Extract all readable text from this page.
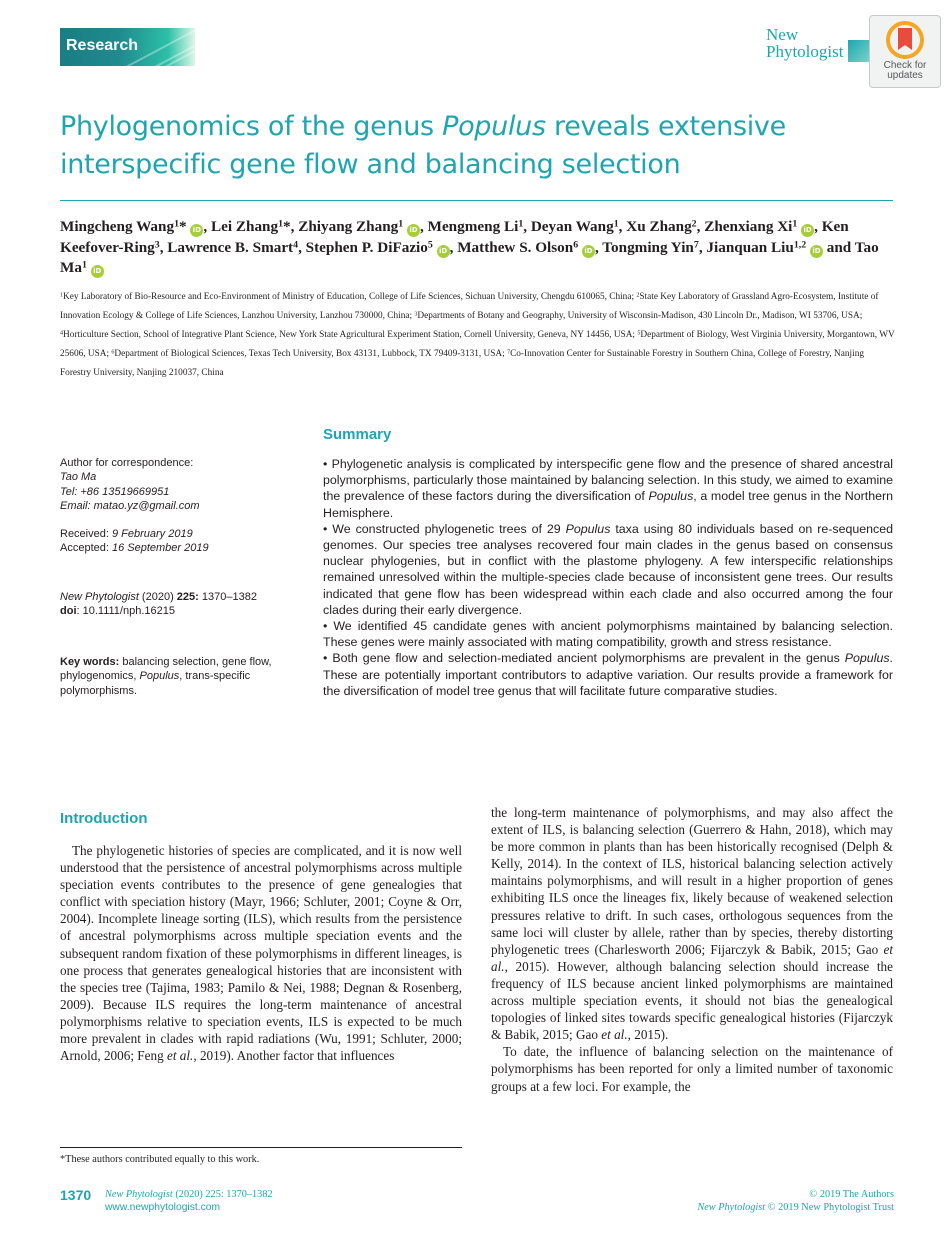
Research
New
Phytologist
Check for
updates
Phylogenomics of the genus Populus reveals extensive interspecific gene flow and balancing selection
Mingcheng Wang$^1$* iD , Lei Zhang$^1$*, Zhiyang Zhang$^1$ iD , Mengmeng Li$^1$, Deyan Wang$^1$, Xu Zhang$^2$, Zhenxiang Xi$^1$ iD , Ken Keefover-Ring$^3$, Lawrence B. Smart$^4$, Stephen P. DiFazio$^5$ iD , Matthew S. Olson$^6$ iD , Tongming Yin$^7$, Jianquan Liu$^{1,2}$ iD and Tao Ma$^1$ iD
$^1$Key Laboratory of Bio-Resource and Eco-Environment of Ministry of Education, College of Life Sciences, Sichuan University, Chengdu 610065, China; $^2$State Key Laboratory of Grassland Agro-Ecosystem, Institute of Innovation Ecology & College of Life Sciences, Lanzhou University, Lanzhou 730000, China; $^3$Departments of Botany and Geography, University of Wisconsin-Madison, 430 Lincoln Dr., Madison, WI 53706, USA; $^4$Horticulture Section, School of Integrative Plant Science, New York State Agricultural Experiment Station, Cornell University, Geneva, NY 14456, USA; $^5$Department of Biology, West Virginia University, Morgantown, WV 25606, USA; $^6$Department of Biological Sciences, Texas Tech University, Box 43131, Lubbock, TX 79409-3131, USA; $^7$Co-Innovation Center for Sustainable Forestry in Southern China, College of Forestry, Nanjing Forestry University, Nanjing 210037, China

Author for correspondence:

Tao Ma

Tel: +86 13519669951

Email: matao.yz@gmail.com

Received: 9 February 2019

Accepted: 16 September 2019

New Phytologist (2020) 225: 1370–1382

doi: 10.1111/nph.16215

Key words: balancing selection, gene flow, phylogenomics, Populus, trans-specific polymorphisms.

Summary

• Phylogenetic analysis is complicated by interspecific gene flow and the presence of shared ancestral polymorphisms, particularly those maintained by balancing selection. In this study, we aimed to examine the prevalence of these factors during the diversification of Populus, a model tree genus in the Northern Hemisphere.

• We constructed phylogenetic trees of 29 Populus taxa using 80 individuals based on re-sequenced genomes. Our species tree analyses recovered four main clades in the genus based on consensus nuclear phylogenies, but in conflict with the plastome phylogeny. A few interspecific relationships remained unresolved within the multiple-species clade because of inconsistent gene trees. Our results indicated that gene flow has been widespread within each clade and also occurred among the four clades during their early divergence.

• We identified 45 candidate genes with ancient polymorphisms maintained by balancing selection. These genes were mainly associated with mating compatibility, growth and stress resistance.

• Both gene flow and selection-mediated ancient polymorphisms are prevalent in the genus Populus. These are potentially important contributors to adaptive variation. Our results provide a framework for the diversification of model tree genus that will facilitate future comparative studies.

Introduction

The phylogenetic histories of species are complicated, and it is now well understood that the persistence of ancestral polymorphisms across multiple speciation events contributes to the presence of gene genealogies that conflict with speciation history (Mayr, 1966; Schluter, 2001; Coyne & Orr, 2004). Incomplete lineage sorting (ILS), which results from the persistence of ancestral polymorphisms across multiple speciation events and the subsequent random fixation of these polymorphisms in different lineages, is one process that generates genealogical histories that are inconsistent with the species tree (Tajima, 1983; Pamilo & Nei, 1988; Degnan & Rosenberg, 2009). Because ILS requires the long-term maintenance of ancestral polymorphisms relative to speciation events, ILS is expected to be much more prevalent in clades with rapid radiations (Wu, 1991; Schluter, 2000; Arnold, 2006; Feng et al., 2019). Another factor that influences

the long-term maintenance of polymorphisms, and may also affect the extent of ILS, is balancing selection (Guerrero & Hahn, 2018), which may be more common in plants than has been historically recognised (Delph & Kelly, 2014). In the context of ILS, historical balancing selection actively maintains polymorphisms, and will result in a higher proportion of genes exhibiting ILS once the lineages fix, likely because of weakened selection pressures relative to drift. In such cases, orthologous sequences from the same loci will cluster by allele, rather than by species, thereby distorting phylogenetic trees (Charlesworth 2006; Fijarczyk & Babik, 2015; Gao et al., 2015). However, although balancing selection should increase the frequency of ILS because ancient linked polymorphisms are maintained across multiple speciation events, it should not bias the genealogical topologies of linked sites towards specific genealogical histories (Fijarczyk & Babik, 2015; Gao et al., 2015).

To date, the influence of balancing selection on the maintenance of polymorphisms has been reported for only a limited number of taxonomic groups at a few loci. For example, the

*These authors contributed equally to this work.
1370 New Phytologist (2020) 225: 1370–1382
www.newphytologist.com
© 2019 The Authors
New Phytologist © 2019 New Phytologist Trust
